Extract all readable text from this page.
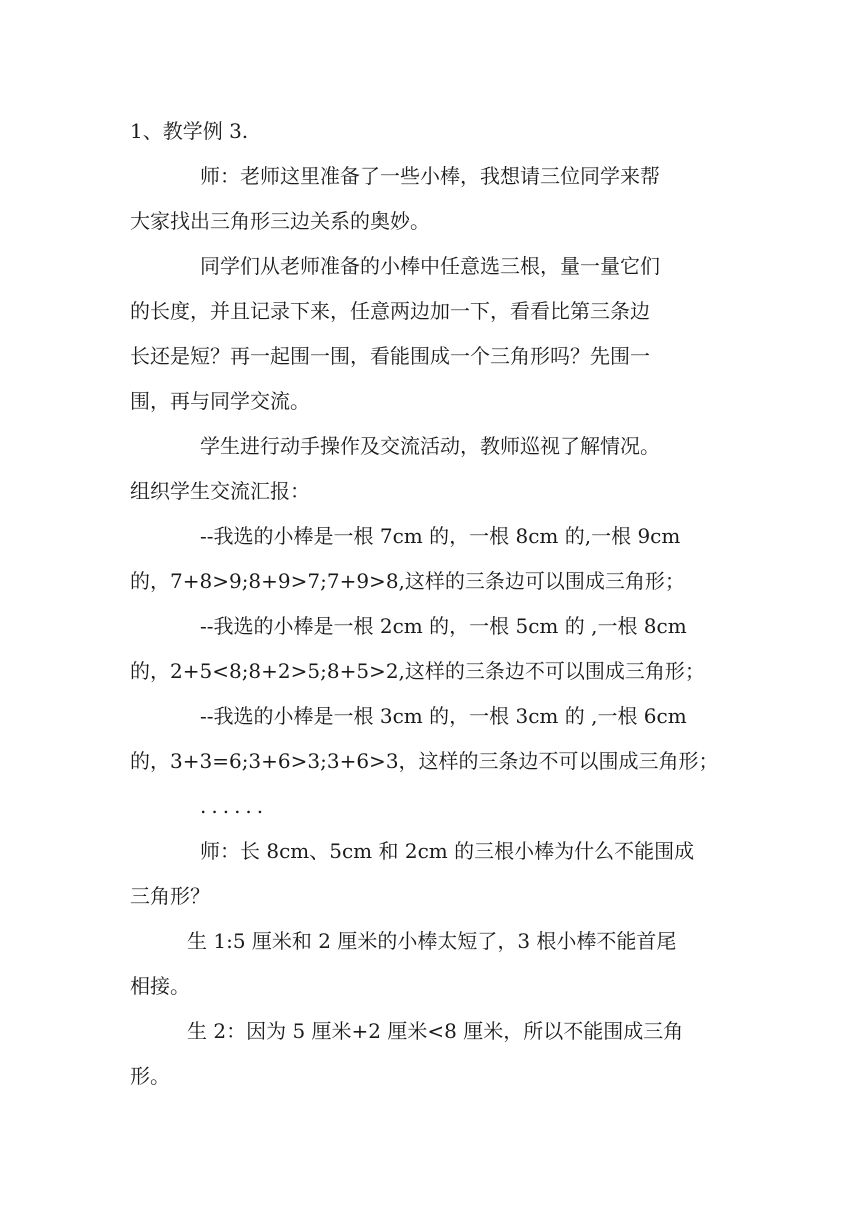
1、教学例 3.
师：老师这里准备了一些小棒，我想请三位同学来帮
大家找出三角形三边关系的奥妙。
同学们从老师准备的小棒中任意选三根，量一量它们
的长度，并且记录下来，任意两边加一下，看看比第三条边
长还是短？再一起围一围，看能围成一个三角形吗？先围一
围，再与同学交流。
学生进行动手操作及交流活动，教师巡视了解情况。
组织学生交流汇报：
--我选的小棒是一根 7cm 的，一根 8cm 的,一根 9cm
的，7+8>9;8+9>7;7+9>8,这样的三条边可以围成三角形；
--我选的小棒是一根 2cm 的，一根 5cm 的 ,一根 8cm
的，2+5<8;8+2>5;8+5>2,这样的三条边不可以围成三角形；
--我选的小棒是一根 3cm 的，一根 3cm 的 ,一根 6cm
的，3+3=6;3+6>3;3+6>3，这样的三条边不可以围成三角形；
......
师：长 8cm、5cm 和 2cm 的三根小棒为什么不能围成
三角形？
生 1:5 厘米和 2 厘米的小棒太短了，3 根小棒不能首尾
相接。
生 2：因为 5 厘米+2 厘米<8 厘米，所以不能围成三角
形。
